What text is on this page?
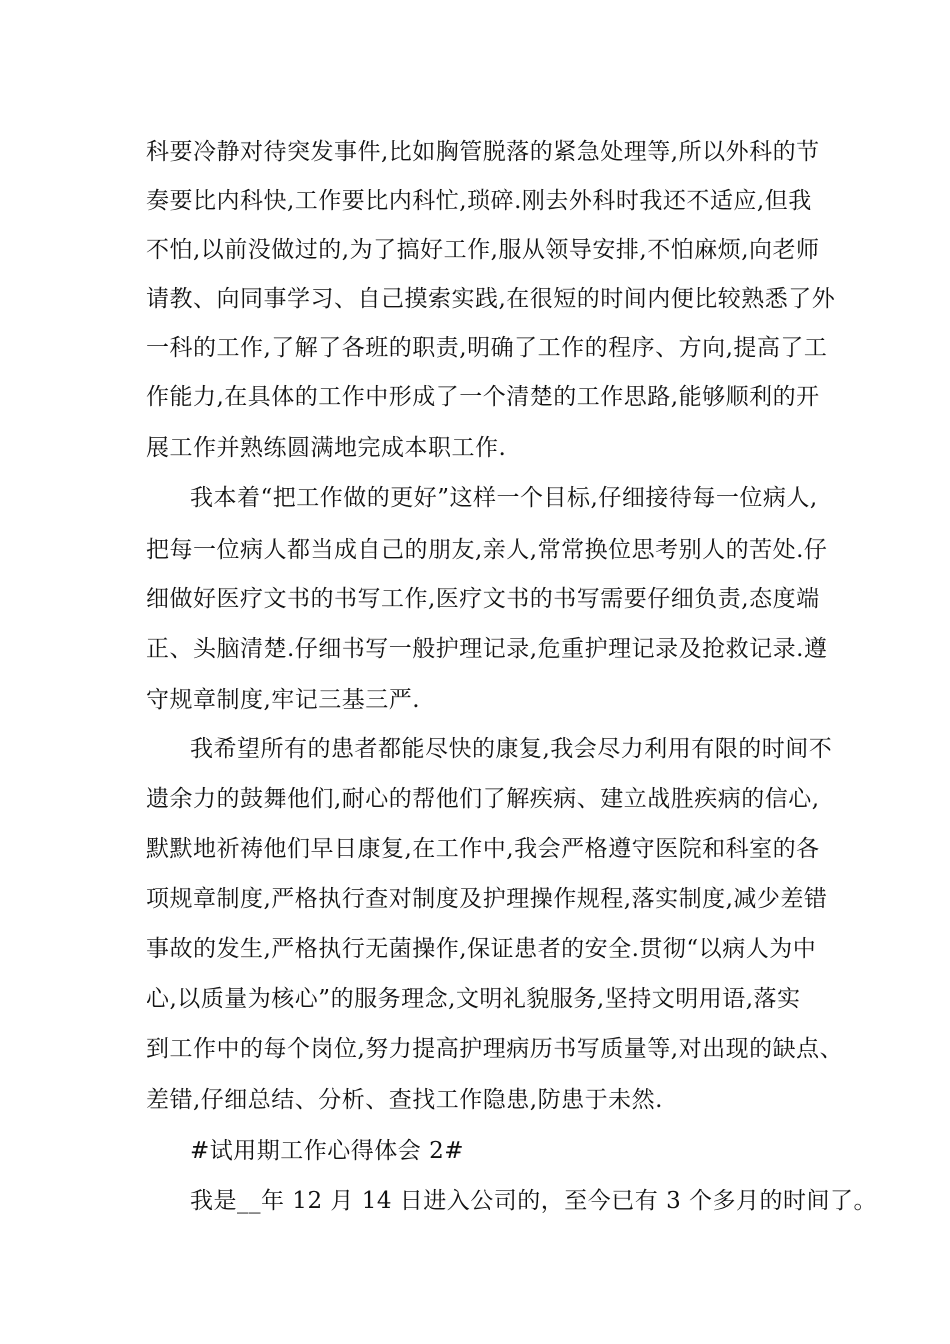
科要冷静对待突发事件,比如胸管脱落的紧急处理等,所以外科的节
奏要比内科快,工作要比内科忙,琐碎.刚去外科时我还不适应,但我
不怕,以前没做过的,为了搞好工作,服从领导安排,不怕麻烦,向老师
请教、向同事学习、自己摸索实践,在很短的时间内便比较熟悉了外
一科的工作,了解了各班的职责,明确了工作的程序、方向,提高了工
作能力,在具体的工作中形成了一个清楚的工作思路,能够顺利的开
展工作并熟练圆满地完成本职工作.
我本着“把工作做的更好”这样一个目标,仔细接待每一位病人,
把每一位病人都当成自己的朋友,亲人,常常换位思考别人的苦处.仔
细做好医疗文书的书写工作,医疗文书的书写需要仔细负责,态度端
正、头脑清楚.仔细书写一般护理记录,危重护理记录及抢救记录.遵
守规章制度,牢记三基三严.
我希望所有的患者都能尽快的康复,我会尽力利用有限的时间不
遗余力的鼓舞他们,耐心的帮他们了解疾病、建立战胜疾病的信心,
默默地祈祷他们早日康复,在工作中,我会严格遵守医院和科室的各
项规章制度,严格执行查对制度及护理操作规程,落实制度,减少差错
事故的发生,严格执行无菌操作,保证患者的安全.贯彻“以病人为中
心,以质量为核心”的服务理念,文明礼貌服务,坚持文明用语,落实
到工作中的每个岗位,努力提高护理病历书写质量等,对出现的缺点、
差错,仔细总结、分析、查找工作隐患,防患于未然.
#试用期工作心得体会 2#
我是__年 12 月 14 日进入公司的，至今已有 3 个多月的时间了。
